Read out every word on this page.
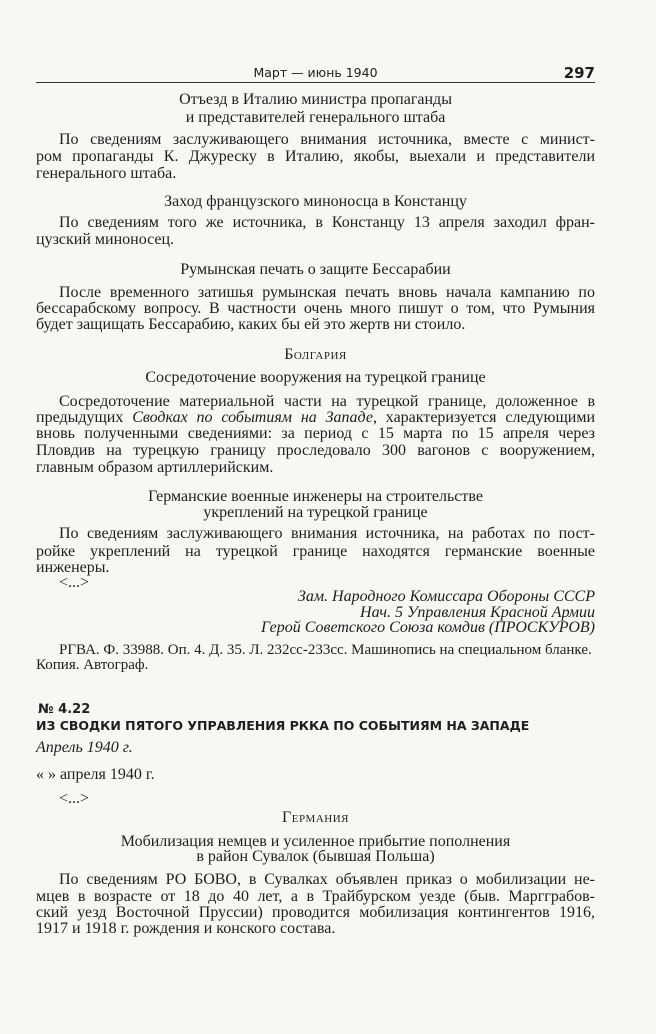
Март — июнь 1940	297
Отъезд в Италию министра пропаганды
и представителей генерального штаба
По сведениям заслуживающего внимания источника, вместе с минист-
ром пропаганды К. Джуреску в Италию, якобы, выехали и представители
генерального штаба.
Заход французского миноносца в Констанцу
По сведениям того же источника, в Констанцу 13 апреля заходил фран-
цузский миноносец.
Румынская печать о защите Бессарабии
После временного затишья румынская печать вновь начала кампанию по
бессарабскому вопросу. В частности очень много пишут о том, что Румыния
будет защищать Бессарабию, каких бы ей это жертв ни стоило.
Болгария
Сосредоточение вооружения на турецкой границе
Сосредоточение материальной части на турецкой границе, доложенное в
предыдущих Сводках по событиям на Западе, характеризуется следующими
вновь полученными сведениями: за период с 15 марта по 15 апреля через
Пловдив на турецкую границу проследовало 300 вагонов с вооружением,
главным образом артиллерийским.
Германские военные инженеры на строительстве
укреплений на турецкой границе
По сведениям заслуживающего внимания источника, на работах по пост-
ройке укреплений на турецкой границе находятся германские военные
инженеры.
<...>
Зам. Народного Комиссара Обороны СССР
Нач. 5 Управления Красной Армии
Герой Советского Союза комдив (ПРОСКУРОВ)
РГВА. Ф. 33988. Оп. 4. Д. 35. Л. 232сс-233сс. Машинопись на специальном бланке.
Копия. Автограф.
№ 4.22
ИЗ СВОДКИ ПЯТОГО УПРАВЛЕНИЯ РККА ПО СОБЫТИЯМ НА ЗАПАДЕ
Апрель 1940 г.
« » апреля 1940 г.
<...>
Германия
Мобилизация немцев и усиленное прибытие пополнения
в район Сувалок (бывшая Польша)
По сведениям РО БОВО, в Сувалках объявлен приказ о мобилизации не-
мцев в возрасте от 18 до 40 лет, а в Трайбурском уезде (быв. Маргграбов-
ский уезд Восточной Пруссии) проводится мобилизация контингентов 1916,
1917 и 1918 г. рождения и конского состава.
